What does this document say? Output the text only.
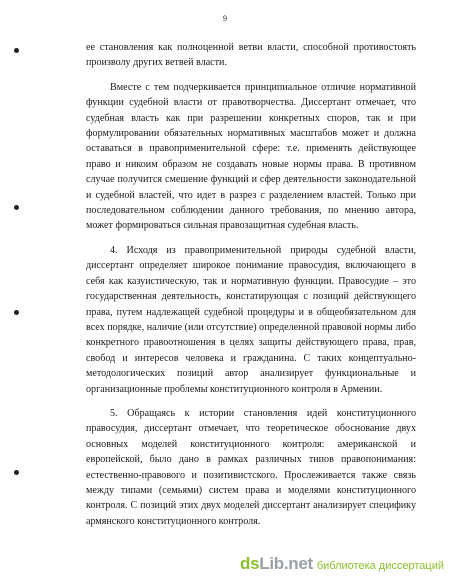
9

ее становления как полноценной ветви власти, способной противостоять произволу других ветвей власти.

Вместе с тем подчеркивается принципиальное отличие нормативной функции судебной власти от правотворчества. Диссертант отмечает, что судебная власть как при разрешении конкретных споров, так и при формулировании обязательных нормативных масштабов может и должна оставаться в правоприменительной сфере: т.е. применять действующее право и никоим образом не создавать новые нормы права. В противном случае получится смешение функций и сфер деятельности законодательной и судебной властей, что идет в разрез с разделением властей. Только при последовательном соблюдении данного требования, по мнению автора, может формироваться сильная правозащитная судебная власть.

4. Исходя из правоприменительной природы судебной власти, диссертант определяет широкое понимание правосудия, включающего в себя как казуистическую, так и нормативную функции. Правосудие – это государственная деятельность, констатирующая с позиций действующего права, путем надлежащей судебной процедуры и в общеобязательном для всех порядке, наличие (или отсутствие) определенной правовой нормы либо конкретного правоотношения в целях защиты действующего права, прав, свобод и интересов человека и гражданина. С таких концептуально-методологических позиций автор анализирует функциональные и организационные проблемы конституционного контроля в Армении.

5. Обращаясь к истории становления идей конституционного правосудия, диссертант отмечает, что теоретическое обоснование двух основных моделей конституционного контроля: американской и европейской, было дано в рамках различных типов правопонимания: естественно-правового и позитивистского. Прослеживается также связь между типами (семьями) систем права и моделями конституционного контроля. С позиций этих двух моделей диссертант анализирует специфику армянского конституционного контроля.

dsLib.net библиотека диссертаций
